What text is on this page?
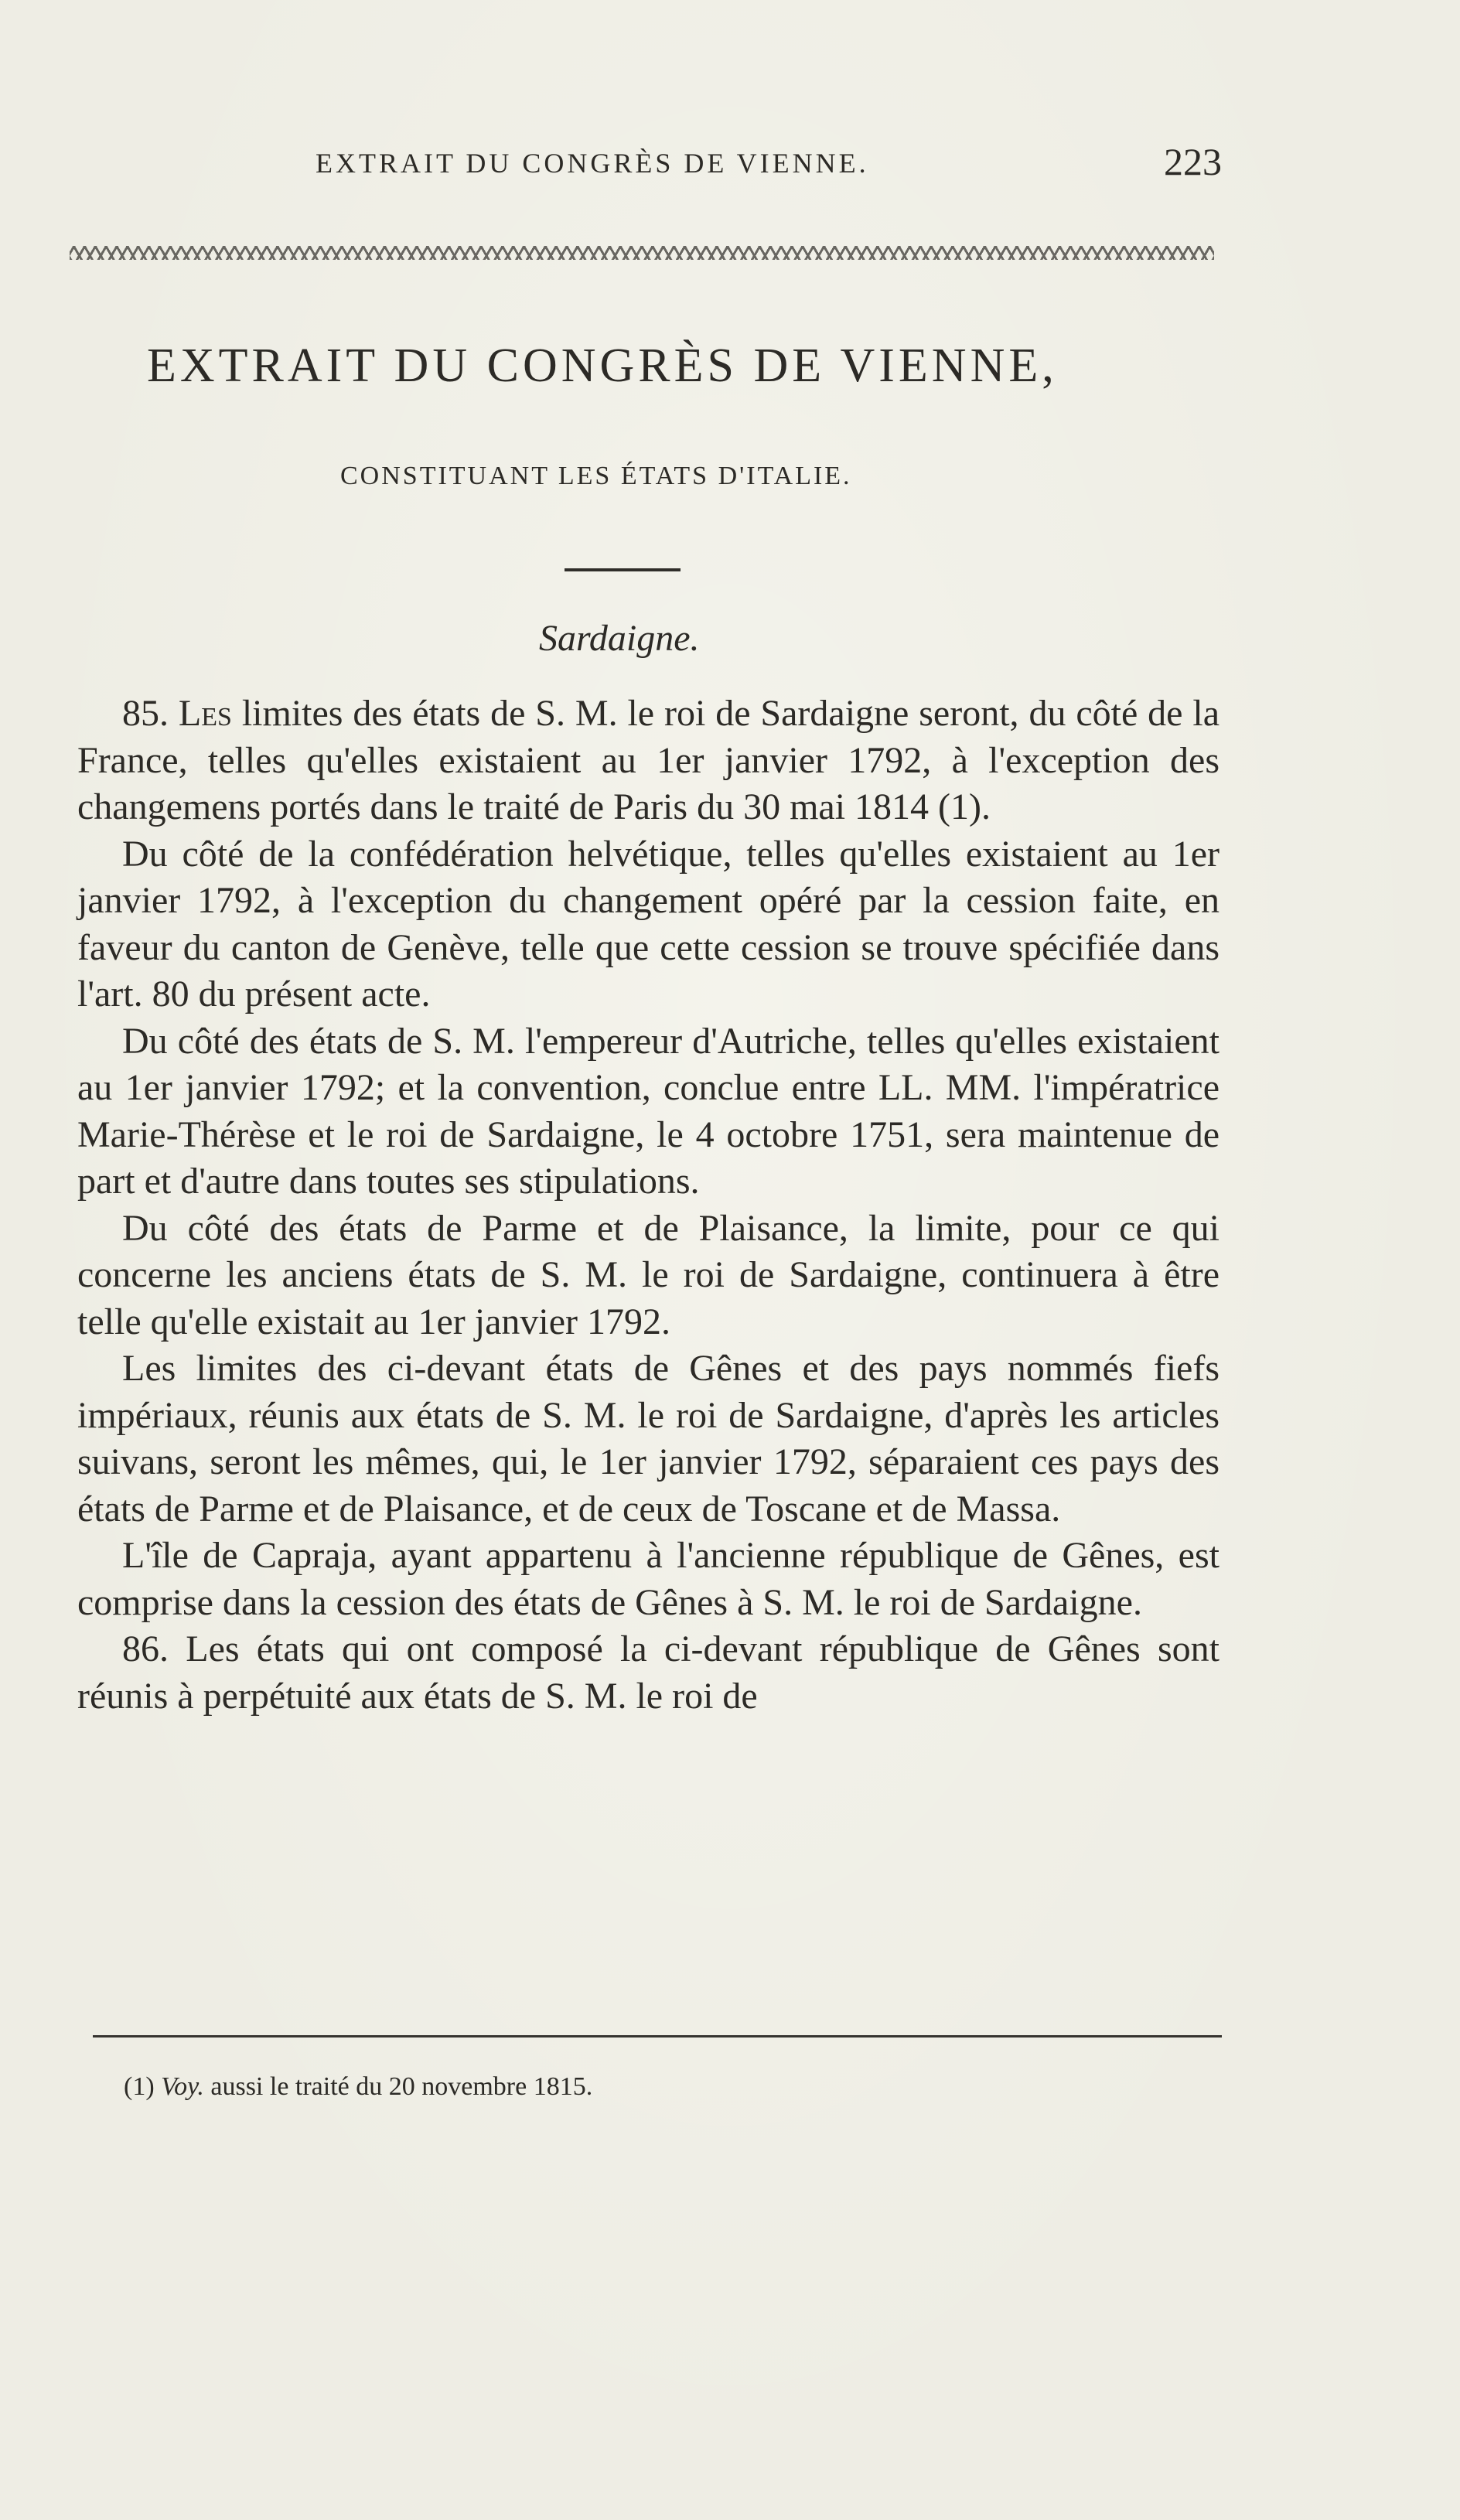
EXTRAIT DU CONGRÈS DE VIENNE.	223
EXTRAIT DU CONGRÈS DE VIENNE,
CONSTITUANT LES ÉTATS D'ITALIE.
Sardaigne.

85. Les limites des états de S. M. le roi de Sardaigne seront, du côté de la France, telles qu'elles existaient au 1er janvier 1792, à l'exception des changemens portés dans le traité de Paris du 30 mai 1814 (1).

Du côté de la confédération helvétique, telles qu'elles existaient au 1er janvier 1792, à l'exception du changement opéré par la cession faite, en faveur du canton de Genève, telle que cette cession se trouve spécifiée dans l'art. 80 du présent acte.

Du côté des états de S. M. l'empereur d'Autriche, telles qu'elles existaient au 1er janvier 1792; et la convention, conclue entre LL. MM. l'impératrice Marie-Thérèse et le roi de Sardaigne, le 4 octobre 1751, sera maintenue de part et d'autre dans toutes ses stipulations.

Du côté des états de Parme et de Plaisance, la limite, pour ce qui concerne les anciens états de S. M. le roi de Sardaigne, continuera à être telle qu'elle existait au 1er janvier 1792.

Les limites des ci-devant états de Gênes et des pays nommés fiefs impériaux, réunis aux états de S. M. le roi de Sardaigne, d'après les articles suivans, seront les mêmes, qui, le 1er janvier 1792, séparaient ces pays des états de Parme et de Plaisance, et de ceux de Toscane et de Massa.

L'île de Capraja, ayant appartenu à l'ancienne république de Gênes, est comprise dans la cession des états de Gênes à S. M. le roi de Sardaigne.

86. Les états qui ont composé la ci-devant république de Gênes sont réunis à perpétuité aux états de S. M. le roi de

(1) Voy. aussi le traité du 20 novembre 1815.
